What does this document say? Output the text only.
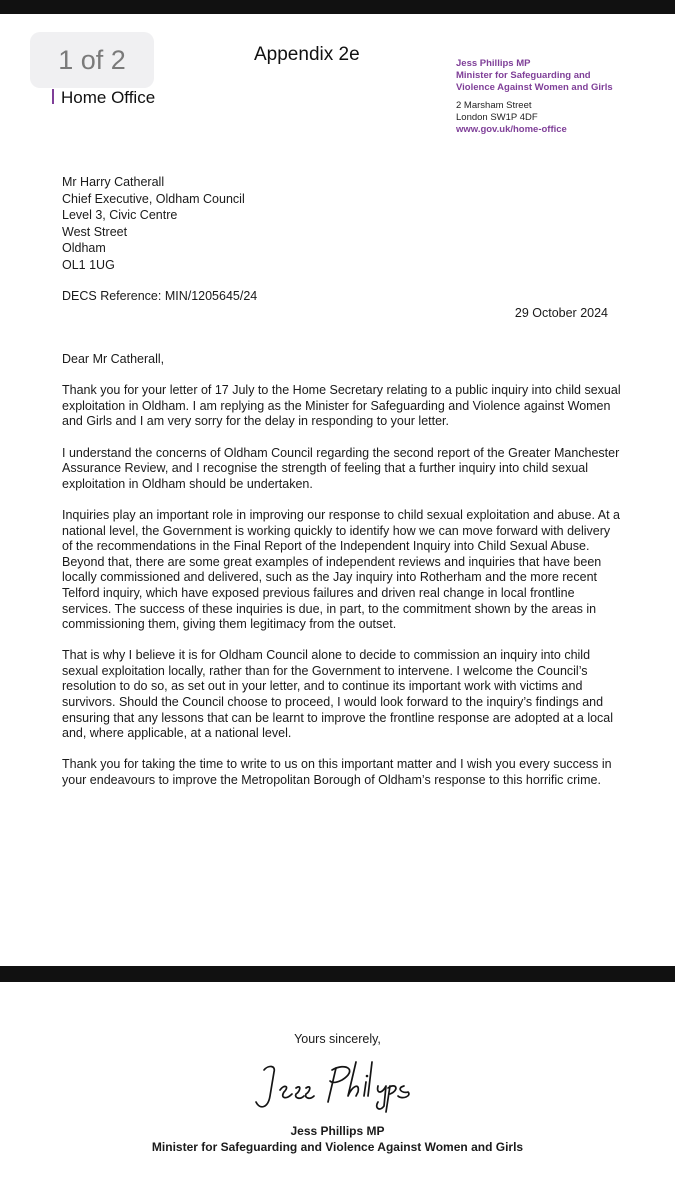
1 of 2	Appendix 2e
Home Office
Jess Phillips MP
Minister for Safeguarding and
Violence Against Women and Girls
2 Marsham Street
London SW1P 4DF
www.gov.uk/home-office
Mr Harry Catherall
Chief Executive, Oldham Council
Level 3, Civic Centre
West Street
Oldham
OL1 1UG
DECS Reference: MIN/1205645/24
29 October 2024

Dear Mr Catherall,

Thank you for your letter of 17 July to the Home Secretary relating to a public inquiry into child sexual exploitation in Oldham. I am replying as the Minister for Safeguarding and Violence against Women and Girls and I am very sorry for the delay in responding to your letter.

I understand the concerns of Oldham Council regarding the second report of the Greater Manchester Assurance Review, and I recognise the strength of feeling that a further inquiry into child sexual exploitation in Oldham should be undertaken.

Inquiries play an important role in improving our response to child sexual exploitation and abuse. At a national level, the Government is working quickly to identify how we can move forward with delivery of the recommendations in the Final Report of the Independent Inquiry into Child Sexual Abuse. Beyond that, there are some great examples of independent reviews and inquiries that have been locally commissioned and delivered, such as the Jay inquiry into Rotherham and the more recent Telford inquiry, which have exposed previous failures and driven real change in local frontline services. The success of these inquiries is due, in part, to the commitment shown by the areas in commissioning them, giving them legitimacy from the outset.

That is why I believe it is for Oldham Council alone to decide to commission an inquiry into child sexual exploitation locally, rather than for the Government to intervene. I welcome the Council’s resolution to do so, as set out in your letter, and to continue its important work with victims and survivors. Should the Council choose to proceed, I would look forward to the inquiry’s findings and ensuring that any lessons that can be learnt to improve the frontline response are adopted at a local and, where applicable, at a national level.

Thank you for taking the time to write to us on this important matter and I wish you every success in your endeavours to improve the Metropolitan Borough of Oldham’s response to this horrific crime.

Yours sincerely,
Jess Phillips MP
Minister for Safeguarding and Violence Against Women and Girls
